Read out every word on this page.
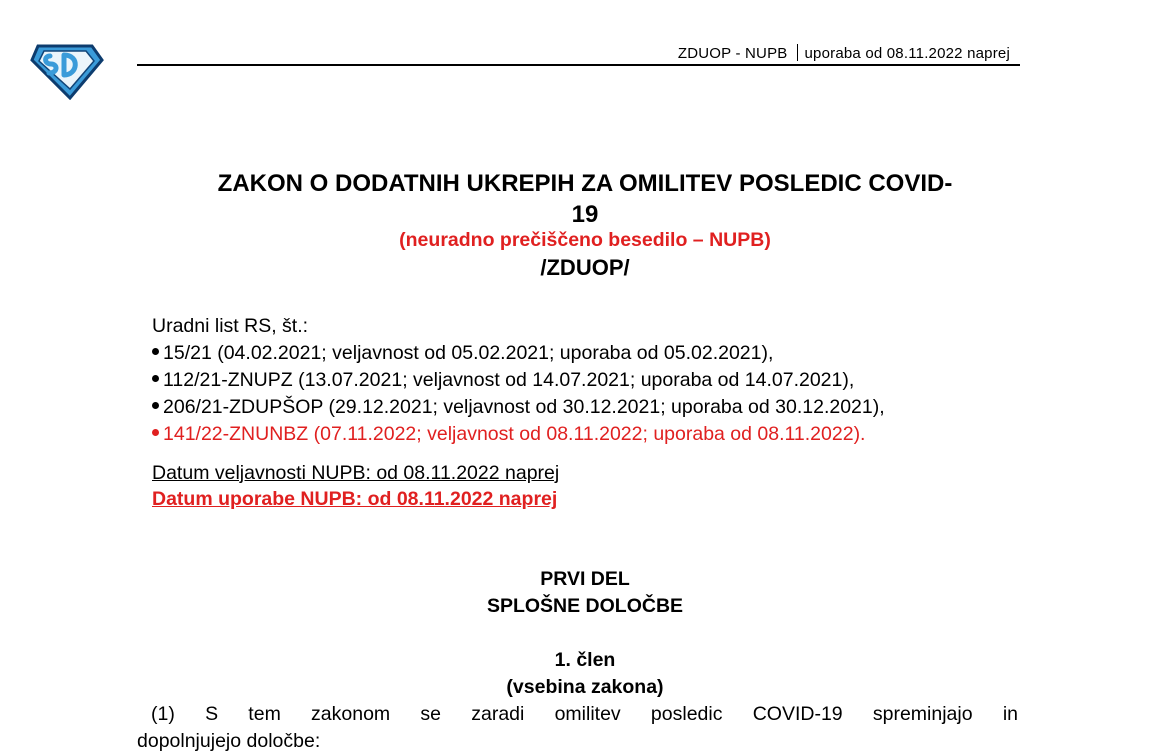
ZDUOP - NUPB uporaba od 08.11.2022 naprej
ZAKON O DODATNIH UKREPIH ZA OMILITEV POSLEDIC COVID-
19
(neuradno prečiščeno besedilo – NUPB)
/ZDUOP/
Uradni list RS, št.:
15/21 (04.02.2021; veljavnost od 05.02.2021; uporaba od 05.02.2021),
112/21-ZNUPZ (13.07.2021; veljavnost od 14.07.2021; uporaba od 14.07.2021),
206/21-ZDUPŠOP (29.12.2021; veljavnost od 30.12.2021; uporaba od 30.12.2021),
141/22-ZNUNBZ (07.11.2022; veljavnost od 08.11.2022; uporaba od 08.11.2022).
Datum veljavnosti NUPB: od 08.11.2022 naprej
Datum uporabe NUPB: od 08.11.2022 naprej
PRVI DEL
SPLOŠNE DOLOČBE
1. člen
(vsebina zakona)
(1) S tem zakonom se zaradi omilitev posledic COVID-19 spreminjajo in
dopolnjujejo določbe:
